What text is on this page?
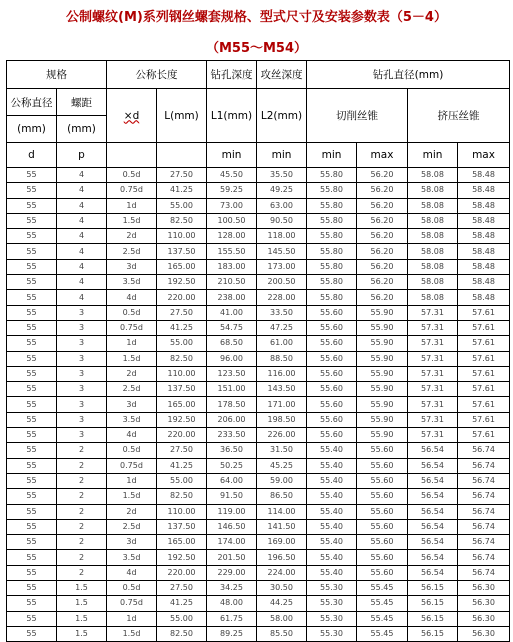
公制螺纹(M)系列钢丝螺套规格、型式尺寸及安装参数表（5－4）
（M55～M54）
规格		公称长度		钻孔深度	攻丝深度	钻孔直径(mm)			
公称直径	螺距	×d	L(mm)	L1(mm)	L2(mm)	切削丝锥		挤压丝锥	
(mm)	(mm)								
d	p			min	min	min	max	min	max
55	4	0.5d	27.50	45.50	35.50	55.80	56.20	58.08	58.48
55	4	0.75d	41.25	59.25	49.25	55.80	56.20	58.08	58.48
55	4	1d	55.00	73.00	63.00	55.80	56.20	58.08	58.48
55	4	1.5d	82.50	100.50	90.50	55.80	56.20	58.08	58.48
55	4	2d	110.00	128.00	118.00	55.80	56.20	58.08	58.48
55	4	2.5d	137.50	155.50	145.50	55.80	56.20	58.08	58.48
55	4	3d	165.00	183.00	173.00	55.80	56.20	58.08	58.48
55	4	3.5d	192.50	210.50	200.50	55.80	56.20	58.08	58.48
55	4	4d	220.00	238.00	228.00	55.80	56.20	58.08	58.48
55	3	0.5d	27.50	41.00	33.50	55.60	55.90	57.31	57.61
55	3	0.75d	41.25	54.75	47.25	55.60	55.90	57.31	57.61
55	3	1d	55.00	68.50	61.00	55.60	55.90	57.31	57.61
55	3	1.5d	82.50	96.00	88.50	55.60	55.90	57.31	57.61
55	3	2d	110.00	123.50	116.00	55.60	55.90	57.31	57.61
55	3	2.5d	137.50	151.00	143.50	55.60	55.90	57.31	57.61
55	3	3d	165.00	178.50	171.00	55.60	55.90	57.31	57.61
55	3	3.5d	192.50	206.00	198.50	55.60	55.90	57.31	57.61
55	3	4d	220.00	233.50	226.00	55.60	55.90	57.31	57.61
55	2	0.5d	27.50	36.50	31.50	55.40	55.60	56.54	56.74
55	2	0.75d	41.25	50.25	45.25	55.40	55.60	56.54	56.74
55	2	1d	55.00	64.00	59.00	55.40	55.60	56.54	56.74
55	2	1.5d	82.50	91.50	86.50	55.40	55.60	56.54	56.74
55	2	2d	110.00	119.00	114.00	55.40	55.60	56.54	56.74
55	2	2.5d	137.50	146.50	141.50	55.40	55.60	56.54	56.74
55	2	3d	165.00	174.00	169.00	55.40	55.60	56.54	56.74
55	2	3.5d	192.50	201.50	196.50	55.40	55.60	56.54	56.74
55	2	4d	220.00	229.00	224.00	55.40	55.60	56.54	56.74
55	1.5	0.5d	27.50	34.25	30.50	55.30	55.45	56.15	56.30
55	1.5	0.75d	41.25	48.00	44.25	55.30	55.45	56.15	56.30
55	1.5	1d	55.00	61.75	58.00	55.30	55.45	56.15	56.30
55	1.5	1.5d	82.50	89.25	85.50	55.30	55.45	56.15	56.30
